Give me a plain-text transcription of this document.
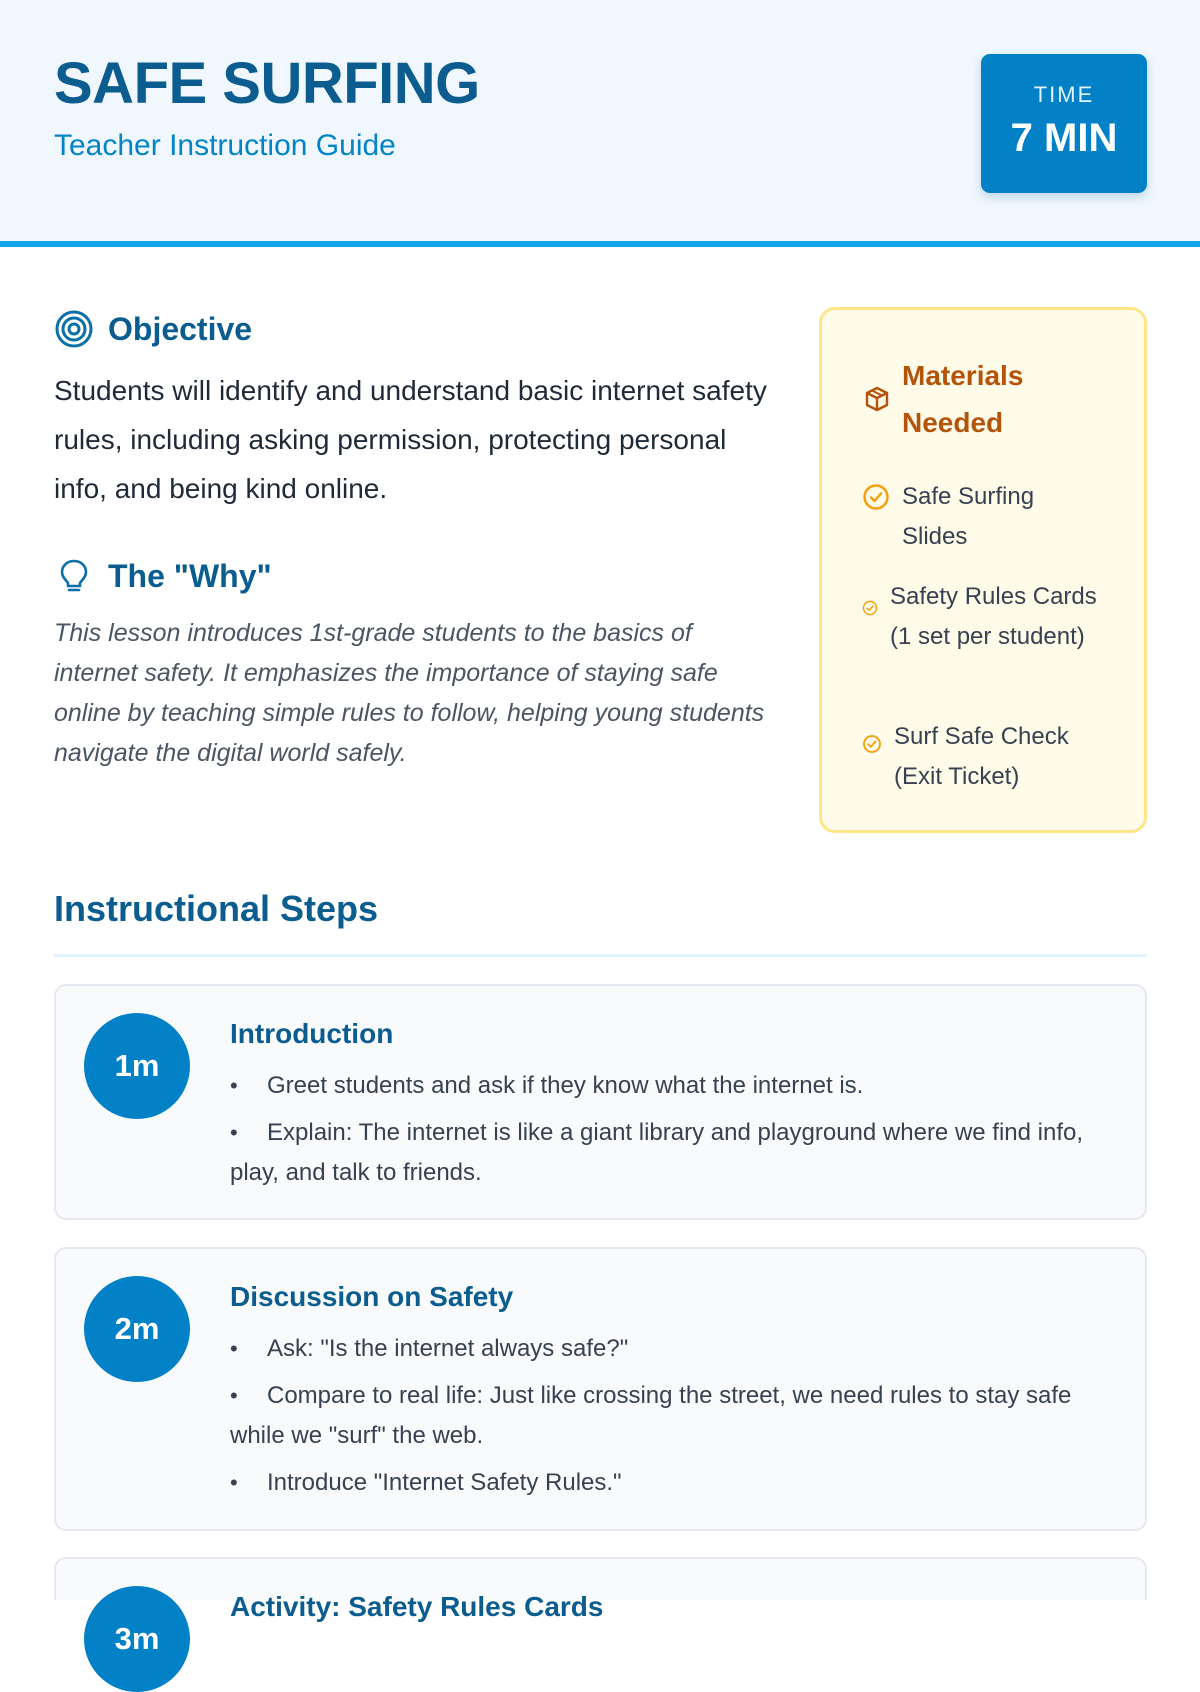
SAFE SURFING
Teacher Instruction Guide
TIME
7 MIN
Objective
Students will identify and understand basic internet safety rules, including asking permission, protecting personal info, and being kind online.
The "Why"
This lesson introduces 1st-grade students to the basics of internet safety. It emphasizes the importance of staying safe online by teaching simple rules to follow, helping young students navigate the digital world safely.
Materials Needed
Safe Surfing Slides
Safety Rules Cards (1 set per student)
Surf Safe Check (Exit Ticket)
Instructional Steps
1m
Introduction
• Greet students and ask if they know what the internet is.
• Explain: The internet is like a giant library and playground where we find info, play, and talk to friends.
2m
Discussion on Safety
• Ask: "Is the internet always safe?"
• Compare to real life: Just like crossing the street, we need rules to stay safe while we "surf" the web.
• Introduce "Internet Safety Rules."
3m
Activity: Safety Rules Cards
